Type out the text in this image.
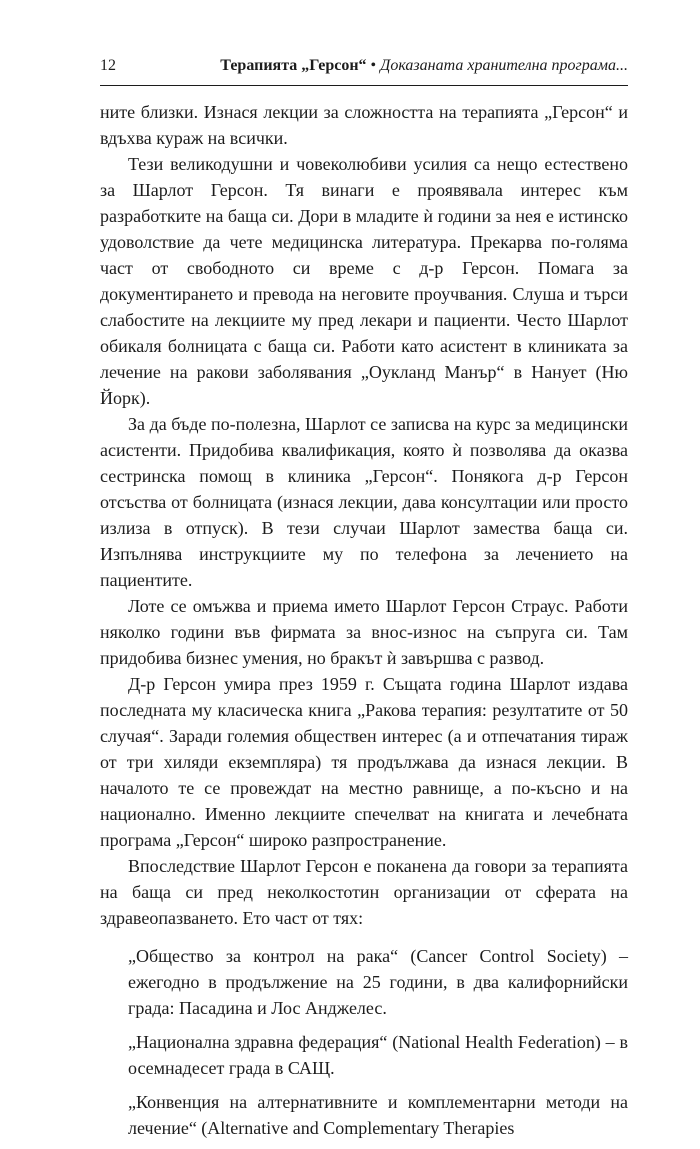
12	Терапията „Герсон“ • Доказаната хранителна програма...

ните близки. Изнася лекции за сложността на терапията „Герсон“ и вдъхва кураж на всички.

Тези великодушни и човеколюбиви усилия са нещо естествено за Шарлот Герсон. Тя винаги е проявявала интерес към разработките на баща си. Дори в младите ѝ години за нея е истинско удоволствие да чете медицинска литература. Прекарва по-голяма част от свободното си време с д-р Герсон. Помага за документирането и превода на неговите проучвания. Слуша и търси слабостите на лекциите му пред лекари и пациенти. Често Шарлот обикаля болницата с баща си. Работи като асистент в клиниката за лечение на ракови заболявания „Оукланд Манър“ в Нанует (Ню Йорк).

За да бъде по-полезна, Шарлот се записва на курс за медицински асистенти. Придобива квалификация, която ѝ позволява да оказва сестринска помощ в клиника „Герсон“. Понякога д-р Герсон отсъства от болницата (изнася лекции, дава консултации или просто излиза в отпуск). В тези случаи Шарлот замества баща си. Изпълнява инструкциите му по телефона за лечението на пациентите.

Лоте се омъжва и приема името Шарлот Герсон Страус. Работи няколко години във фирмата за внос-износ на съпруга си. Там придобива бизнес умения, но бракът ѝ завършва с развод.

Д-р Герсон умира през 1959 г. Същата година Шарлот издава последната му класическа книга „Ракова терапия: резултатите от 50 случая“. Заради големия обществен интерес (а и отпечатания тираж от три хиляди екземпляра) тя продължава да изнася лекции. В началото те се провеждат на местно равнище, а по-късно и на национално. Именно лекциите спечелват на книгата и лечебната програма „Герсон“ широко разпространение.

Впоследствие Шарлот Герсон е поканена да говори за терапията на баща си пред неколкостотин организации от сферата на здравеопазването. Ето част от тях:

„Общество за контрол на рака“ (Cancer Control Society) – ежегодно в продължение на 25 години, в два калифорнийски града: Пасадина и Лос Анджелес.

„Национална здравна федерация“ (National Health Federation) – в осемнадесет града в САЩ.

„Конвенция на алтернативните и комплементарни методи на лечение“ (Alternative and Complementary Therapies
